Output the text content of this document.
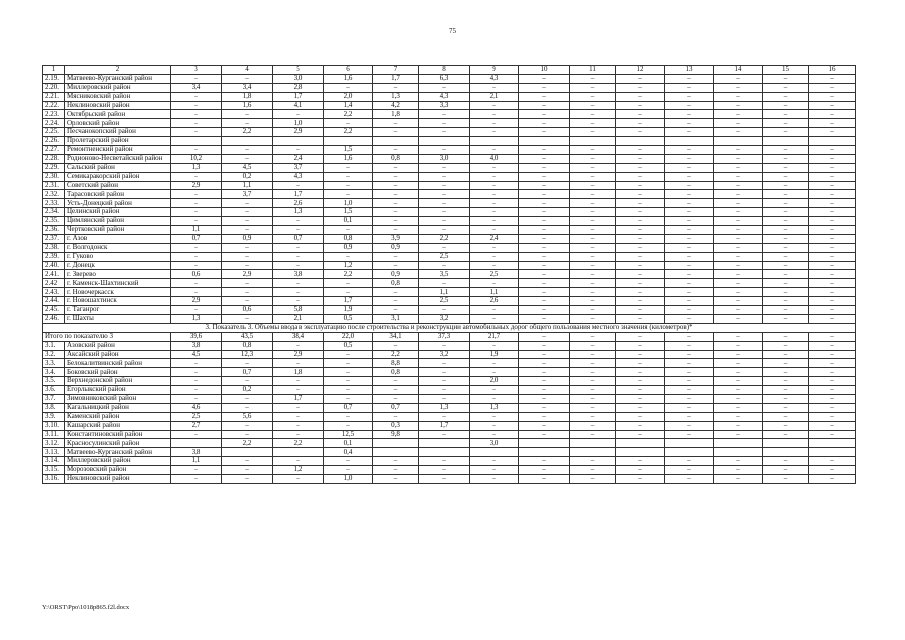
75
1	2	3	4	5	6	7	8	9	10	11	12	13	14	15	16
2.19.	Матвеево-Курганский район	–	–	3,0	1,6	1,7	6,3	4,3	–	–	–	–	–	–	–
2.20.	Миллеровский район	3,4	3,4	2,8	–	–	–	–	–	–	–	–	–	–	–
2.21.	Мясниковский район	–	1,8	1,7	2,0	1,3	4,3	2,1	–	–	–	–	–	–	–
2.22.	Неклиновский район	–	1,6	4,1	1,4	4,2	3,3	–	–	–	–	–	–	–	–
2.23.	Октябрьский район	–	–	–	2,2	1,8	–	–	–	–	–	–	–	–	–
2.24.	Орловский район	–	–	1,0	–	–	–	–	–	–	–	–	–	–	–
2.25.	Песчанокопский район	–	2,2	2,9	2,2	–	–	–	–	–	–	–	–	–	–
2.26.	Пролетарский район														
2.27.	Ремонтненский район	–	–	–	1,5	–	–	–	–	–	–	–	–	–	–
2.28.	Родионово-Несветайский район	10,2	–	2,4	1,6	0,8	3,0	4,0	–	–	–	–	–	–	–
2.29.	Сальский район	1,3	4,5	3,7	–	–	–	–	–	–	–	–	–	–	–
2.30.	Семикаракорский район	–	0,2	4,3	–	–	–	–	–	–	–	–	–	–	–
2.31.	Советский район	2,9	1,1	–	–	–	–	–	–	–	–	–	–	–	–
2.32.	Тарасовский район	–	3,7	1,7	–	–	–	–	–	–	–	–	–	–	–
2.33.	Усть-Донецкий район	–	–	2,6	1,0	–	–	–	–	–	–	–	–	–	–
2.34.	Целинский район	–	–	1,3	1,5	–	–	–	–	–	–	–	–	–	–
2.35.	Цимлянский район	–	–	–	0,1	–	–	–	–	–	–	–	–	–	–
2.36.	Чертковский район	1,1	–	–	–	–	–	–	–	–	–	–	–	–	–
2.37.	г. Азов	0,7	0,9	0,7	0,8	3,9	2,2	2,4	–	–	–	–	–	–	–
2.38.	г. Волгодонск	–	–	–	0,9	0,9	–	–	–	–	–	–	–	–	–
2.39.	г. Гуково	–	–	–	–	–	2,5	–	–	–	–	–	–	–	–
2.40.	г. Донецк	–	–	–	1,2	–	–	–	–	–	–	–	–	–	–
2.41.	г. Зверево	0,6	2,9	3,8	2,2	0,9	3,5	2,5	–	–	–	–	–	–	–
2.42	г. Каменск-Шахтинский	–	–	–	–	0,8	–	–	–	–	–	–	–	–	–
2.43.	г. Новочеркасск	–	–	–	–	–	1,1	1,1	–	–	–	–	–	–	–
2.44.	г. Новошахтинск	2,9	–	–	1,7	–	2,5	2,6	–	–	–	–	–	–	–
2.45.	г. Таганрог	–	0,6	5,8	1,9	–	–	–	–	–	–	–	–	–	–
2.46.	г. Шахты	1,3	–	2,1	0,5	3,1	3,2	–	–	–	–	–	–	–	–
3. Показатель 3. Объемы ввода в эксплуатацию после строительства и реконструкции автомобильных дорог общего пользования местного значения (километров)*															
Итого по показателю 3		39,6	43,5	38,4	22,0	34,1	37,3	21,7	–	–	–	–	–	–	–
3.1.	Азовский район	3,8	0,8	–	0,5	–	–	–	–	–	–	–	–	–	–
3.2.	Аксайский район	4,5	12,3	2,9	–	2,2	3,2	1,9	–	–	–	–	–	–	–
3.3.	Белокалитвинский район	–	–	–	–	8,8	–	–	–	–	–	–	–	–	–
3.4.	Боковский район	–	0,7	1,8	–	0,8	–	–	–	–	–	–	–	–	–
3.5.	Верхнедонской район	–	–	–	–	–	–	2,0	–	–	–	–	–	–	–
3.6.	Егорлыкский район	–	0,2	–	–	–	–	–	–	–	–	–	–	–	–
3.7.	Зимовниковский район	–	–	1,7	–	–	–	–	–	–	–	–	–	–	–
3.8.	Кагальницкий район	4,6	–	–	0,7	0,7	1,3	1,3	–	–	–	–	–	–	–
3.9.	Каменский район	2,5	5,6	–	–	–	–	–	–	–	–	–	–	–	–
3.10.	Кашарский район	2,7	–	–	–	0,3	1,7	–	–	–	–	–	–	–	–
3.11.	Константиновский район	–	–	–	12,5	9,8	–	–	–	–	–	–	–	–	–
3.12.	Красносулинский район		2,2	2,2	0,1			3,0							
3.13.	Матвеево-Курганский район	3,8			0,4										
3.14.	Миллеровский район	1,1	–	–	–	–	–	–	–	–	–	–	–	–	–
3.15.	Морозовский район	–	–	1,2	–	–	–	–	–	–	–	–	–	–	–
3.16.	Неклиновский район	–	–	–	1,0	–	–	–	–	–	–	–	–	–	–
Y:\ORST\Ppo\1018p865.f2l.docx
